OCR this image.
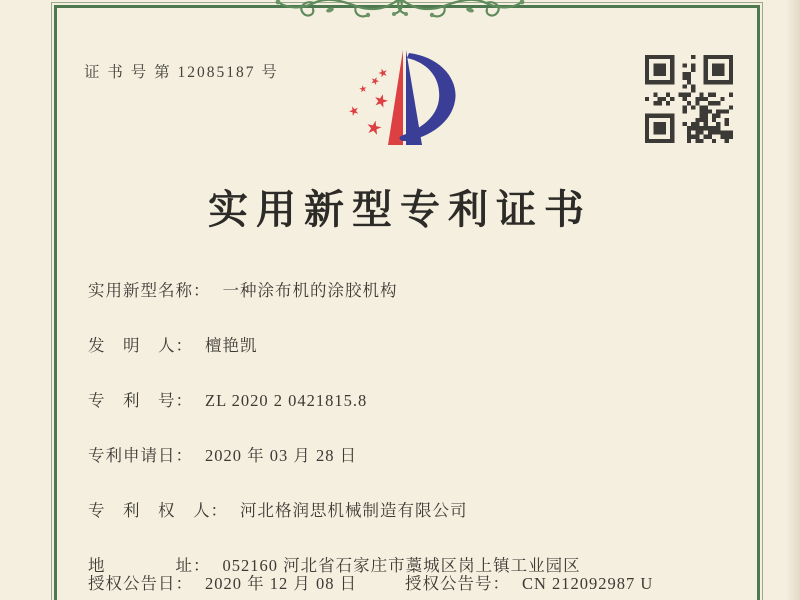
证 书 号 第 12085187 号
实用新型专利证书
实用新型名称： 一种涂布机的涂胶机构
发　明　人： 檀艳凯
专　利　号： ZL 2020 2 0421815.8
专利申请日： 2020 年 03 月 28 日
专　利　权　人： 河北格润思机械制造有限公司
地　　　　址： 052160 河北省石家庄市藁城区岗上镇工业园区
授权公告日： 2020 年 12 月 08 日	授权公告号： CN 212092987 U
